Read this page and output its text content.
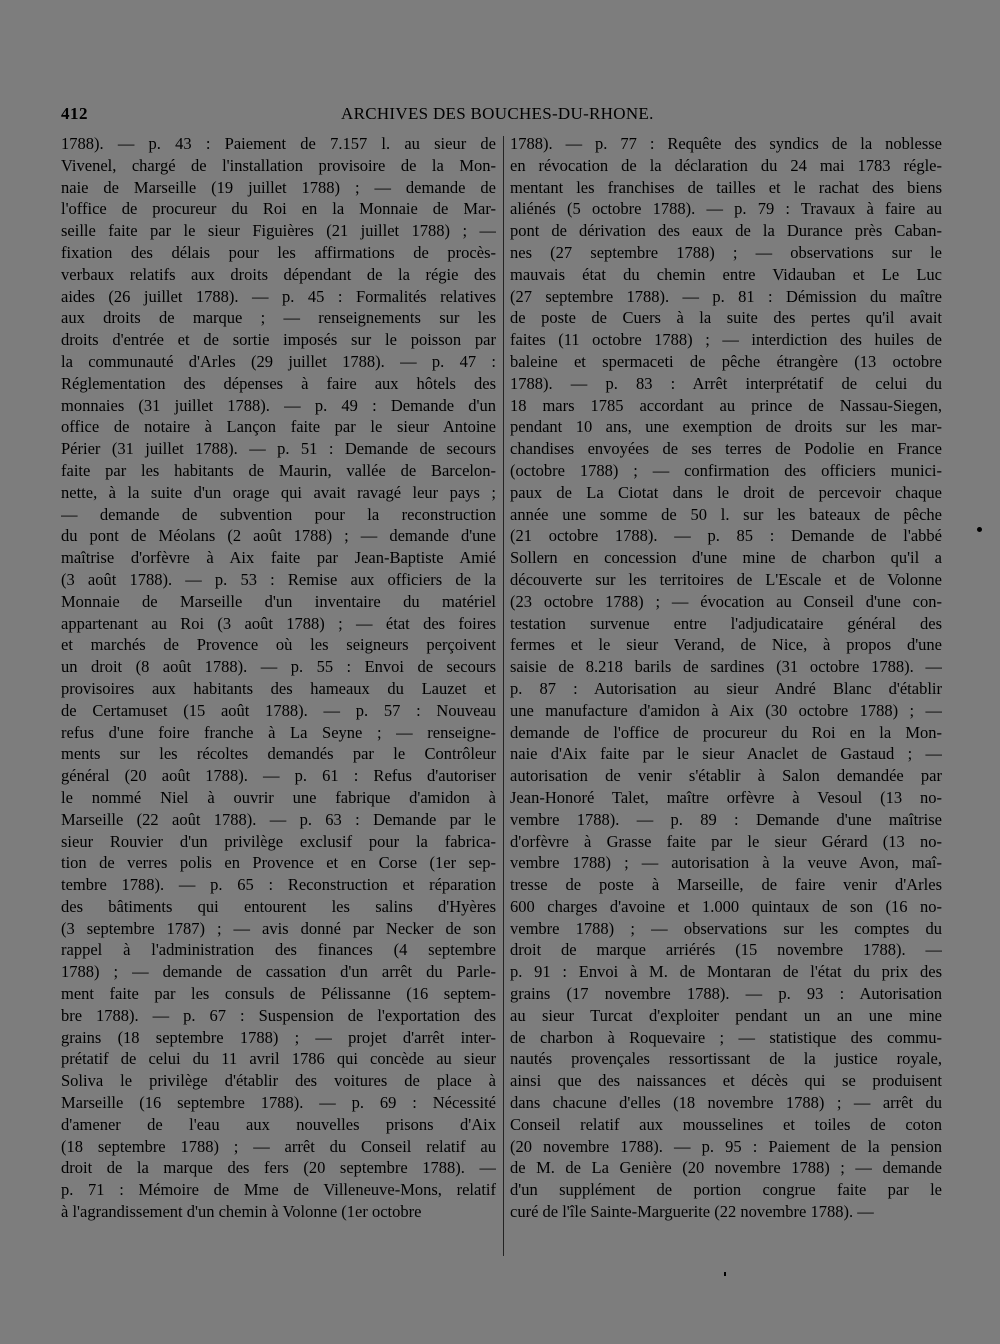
412	ARCHIVES DES BOUCHES-DU-RHONE.
1788). — p. 43 : Paiement de 7.157 l. au sieur de
Vivenel, chargé de l'installation provisoire de la Mon-
naie de Marseille (19 juillet 1788) ; — demande de
l'office de procureur du Roi en la Monnaie de Mar-
seille faite par le sieur Figuières (21 juillet 1788) ; —
fixation des délais pour les affirmations de procès-
verbaux relatifs aux droits dépendant de la régie des
aides (26 juillet 1788). — p. 45 : Formalités relatives
aux droits de marque ; — renseignements sur les
droits d'entrée et de sortie imposés sur le poisson par
la communauté d'Arles (29 juillet 1788). — p. 47 :
Réglementation des dépenses à faire aux hôtels des
monnaies (31 juillet 1788). — p. 49 : Demande d'un
office de notaire à Lançon faite par le sieur Antoine
Périer (31 juillet 1788). — p. 51 : Demande de secours
faite par les habitants de Maurin, vallée de Barcelon-
nette, à la suite d'un orage qui avait ravagé leur pays ;
— demande de subvention pour la reconstruction
du pont de Méolans (2 août 1788) ; — demande d'une
maîtrise d'orfèvre à Aix faite par Jean-Baptiste Amié
(3 août 1788). — p. 53 : Remise aux officiers de la
Monnaie de Marseille d'un inventaire du matériel
appartenant au Roi (3 août 1788) ; — état des foires
et marchés de Provence où les seigneurs perçoivent
un droit (8 août 1788). — p. 55 : Envoi de secours
provisoires aux habitants des hameaux du Lauzet et
de Certamuset (15 août 1788). — p. 57 : Nouveau
refus d'une foire franche à La Seyne ; — renseigne-
ments sur les récoltes demandés par le Contrôleur
général (20 août 1788). — p. 61 : Refus d'autoriser
le nommé Niel à ouvrir une fabrique d'amidon à
Marseille (22 août 1788). — p. 63 : Demande par le
sieur Rouvier d'un privilège exclusif pour la fabrica-
tion de verres polis en Provence et en Corse (1er sep-
tembre 1788). — p. 65 : Reconstruction et réparation
des bâtiments qui entourent les salins d'Hyères
(3 septembre 1787) ; — avis donné par Necker de son
rappel à l'administration des finances (4 septembre
1788) ; — demande de cassation d'un arrêt du Parle-
ment faite par les consuls de Pélissanne (16 septem-
bre 1788). — p. 67 : Suspension de l'exportation des
grains (18 septembre 1788) ; — projet d'arrêt inter-
prétatif de celui du 11 avril 1786 qui concède au sieur
Soliva le privilège d'établir des voitures de place à
Marseille (16 septembre 1788). — p. 69 : Nécessité
d'amener de l'eau aux nouvelles prisons d'Aix
(18 septembre 1788) ; — arrêt du Conseil relatif au
droit de la marque des fers (20 septembre 1788). —
p. 71 : Mémoire de Mme de Villeneuve-Mons, relatif
à l'agrandissement d'un chemin à Volonne (1er octobre
1788). — p. 77 : Requête des syndics de la noblesse
en révocation de la déclaration du 24 mai 1783 régle-
mentant les franchises de tailles et le rachat des biens
aliénés (5 octobre 1788). — p. 79 : Travaux à faire au
pont de dérivation des eaux de la Durance près Caban-
nes (27 septembre 1788) ; — observations sur le
mauvais état du chemin entre Vidauban et Le Luc
(27 septembre 1788). — p. 81 : Démission du maître
de poste de Cuers à la suite des pertes qu'il avait
faites (11 octobre 1788) ; — interdiction des huiles de
baleine et spermaceti de pêche étrangère (13 octobre
1788). — p. 83 : Arrêt interprétatif de celui du
18 mars 1785 accordant au prince de Nassau-Siegen,
pendant 10 ans, une exemption de droits sur les mar-
chandises envoyées de ses terres de Podolie en France
(octobre 1788) ; — confirmation des officiers munici-
paux de La Ciotat dans le droit de percevoir chaque
année une somme de 50 l. sur les bateaux de pêche
(21 octobre 1788). — p. 85 : Demande de l'abbé
Sollern en concession d'une mine de charbon qu'il a
découverte sur les territoires de L'Escale et de Volonne
(23 octobre 1788) ; — évocation au Conseil d'une con-
testation survenue entre l'adjudicataire général des
fermes et le sieur Verand, de Nice, à propos d'une
saisie de 8.218 barils de sardines (31 octobre 1788). —
p. 87 : Autorisation au sieur André Blanc d'établir
une manufacture d'amidon à Aix (30 octobre 1788) ; —
demande de l'office de procureur du Roi en la Mon-
naie d'Aix faite par le sieur Anaclet de Gastaud ; —
autorisation de venir s'établir à Salon demandée par
Jean-Honoré Talet, maître orfèvre à Vesoul (13 no-
vembre 1788). — p. 89 : Demande d'une maîtrise
d'orfèvre à Grasse faite par le sieur Gérard (13 no-
vembre 1788) ; — autorisation à la veuve Avon, maî-
tresse de poste à Marseille, de faire venir d'Arles
600 charges d'avoine et 1.000 quintaux de son (16 no-
vembre 1788) ; — observations sur les comptes du
droit de marque arriérés (15 novembre 1788). —
p. 91 : Envoi à M. de Montaran de l'état du prix des
grains (17 novembre 1788). — p. 93 : Autorisation
au sieur Turcat d'exploiter pendant un an une mine
de charbon à Roquevaire ; — statistique des commu-
nautés provençales ressortissant de la justice royale,
ainsi que des naissances et décès qui se produisent
dans chacune d'elles (18 novembre 1788) ; — arrêt du
Conseil relatif aux mousselines et toiles de coton
(20 novembre 1788). — p. 95 : Paiement de la pension
de M. de La Genière (20 novembre 1788) ; — demande
d'un supplément de portion congrue faite par le
curé de l'île Sainte-Marguerite (22 novembre 1788). —
